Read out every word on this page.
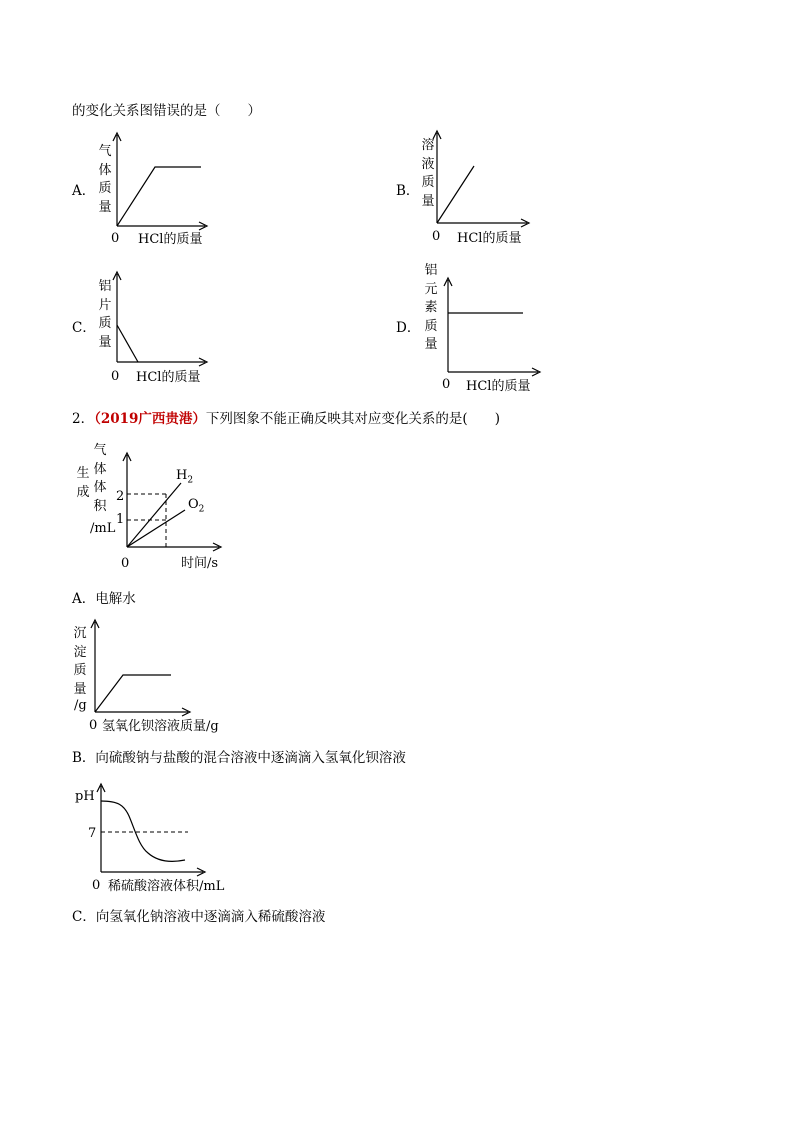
的变化关系图错误的是（　　）
A．
气体质量
0 HCl的质量
B．
溶液质量
0 HCl的质量
C．
铝片质量
0 HCl的质量
D．
铝元素质量
0 HCl的质量
2．（2019广西贵港）下列图象不能正确反映其对应变化关系的是(　　)
生成
气体体积
/mL
2
1
$H_2$
$O_2$
0	时间/s
A．电解水
沉淀质量
/g
0 氢氧化钡溶液质量/g
B．向硫酸钠与盐酸的混合溶液中逐滴滴入氢氧化钡溶液
pH
7
0 稀硫酸溶液体积/mL
C．向氢氧化钠溶液中逐滴滴入稀硫酸溶液
